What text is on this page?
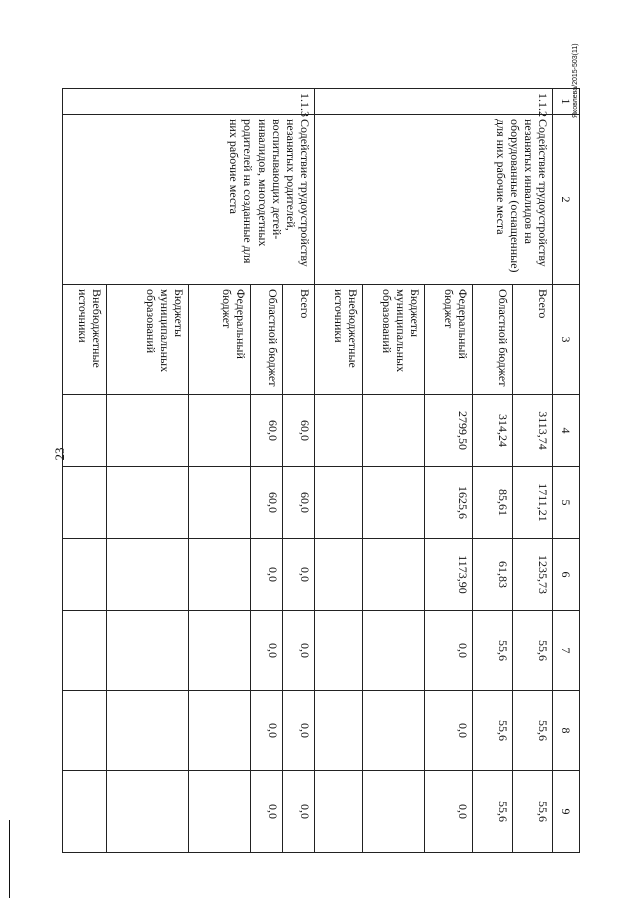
23
Яковлева/2015-503(11)
1	2	3	4	5	6	7	8	9
1.1.2	Содействие трудоустройству незанятых инвалидов на оборудованные (оснащенные) для них рабочие места	Всего	3113,74	1711,21	1235,73	55,6	55,6	55,6
		Областной бюджет	314,24	85,61	61,83	55,6	55,6	55,6
		Федеральный бюджет	2799,50	1625,6	1173,90	0,0	0,0	0,0
		Бюджеты муниципальных образований						
		Внебюджетные источники						
1.1.3	Содействие трудоустройству незанятых родителей, воспитывающих детей-инвалидов, многодетных родителей на созданные для них рабочие места	Всего	60,0	60,0	0,0	0,0	0,0	0,0
		Областной бюджет	60,0	60,0	0,0	0,0	0,0	0,0
		Федеральный бюджет						
		Бюджеты муниципальных образований						
		Внебюджетные источники						
